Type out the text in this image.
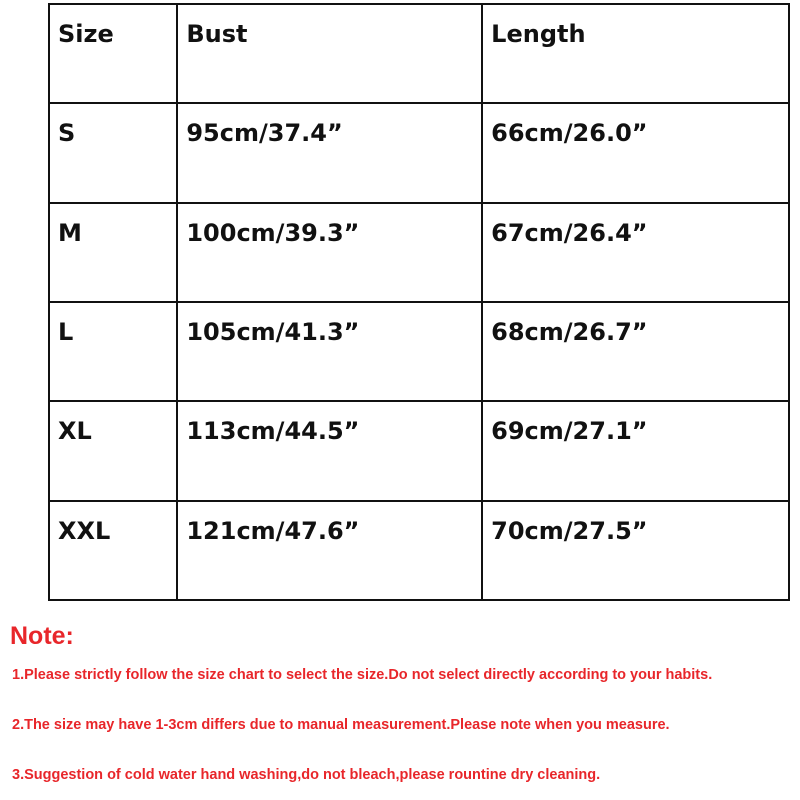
Size	Bust	Length

S	95cm/37.4”	66cm/26.0”

M	100cm/39.3”	67cm/26.4”

L	105cm/41.3”	68cm/26.7”

XL	113cm/44.5”	69cm/27.1”

XXL	121cm/47.6”	70cm/27.5”

Note:

1.Please strictly follow the size chart to select the size.Do not select directly according to your habits.

2.The size may have 1-3cm differs due to manual measurement.Please note when you measure.

3.Suggestion of cold water hand washing,do not bleach,please rountine dry cleaning.
